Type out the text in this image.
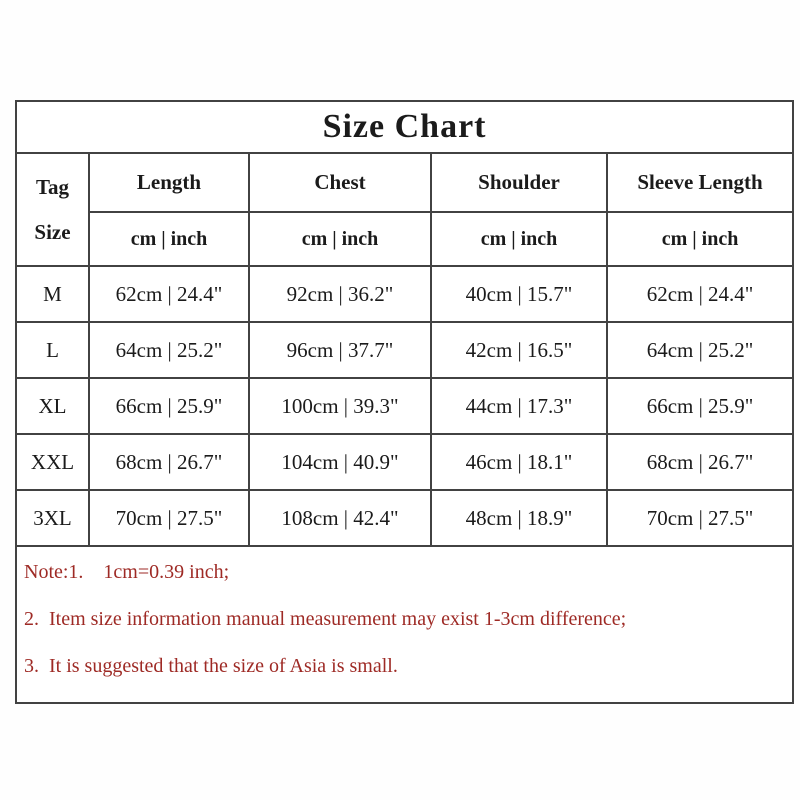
Size Chart				

Tag
Size	Length	Chest	Shoulder	Sleeve Length
	cm | inch	cm | inch	cm | inch	cm | inch
M	62cm | 24.4"	92cm | 36.2"	40cm | 15.7"	62cm | 24.4"
L	64cm | 25.2"	96cm | 37.7"	42cm | 16.5"	64cm | 25.2"
XL	66cm | 25.9"	100cm | 39.3"	44cm | 17.3"	66cm | 25.9"
XXL	68cm | 26.7"	104cm | 40.9"	46cm | 18.1"	68cm | 26.7"
3XL	70cm | 27.5"	108cm | 42.4"	48cm | 18.9"	70cm | 27.5"

Note:1.    1cm=0.39 inch;
2.  Item size information manual measurement may exist 1-3cm difference;
3.  It is suggested that the size of Asia is small.				
